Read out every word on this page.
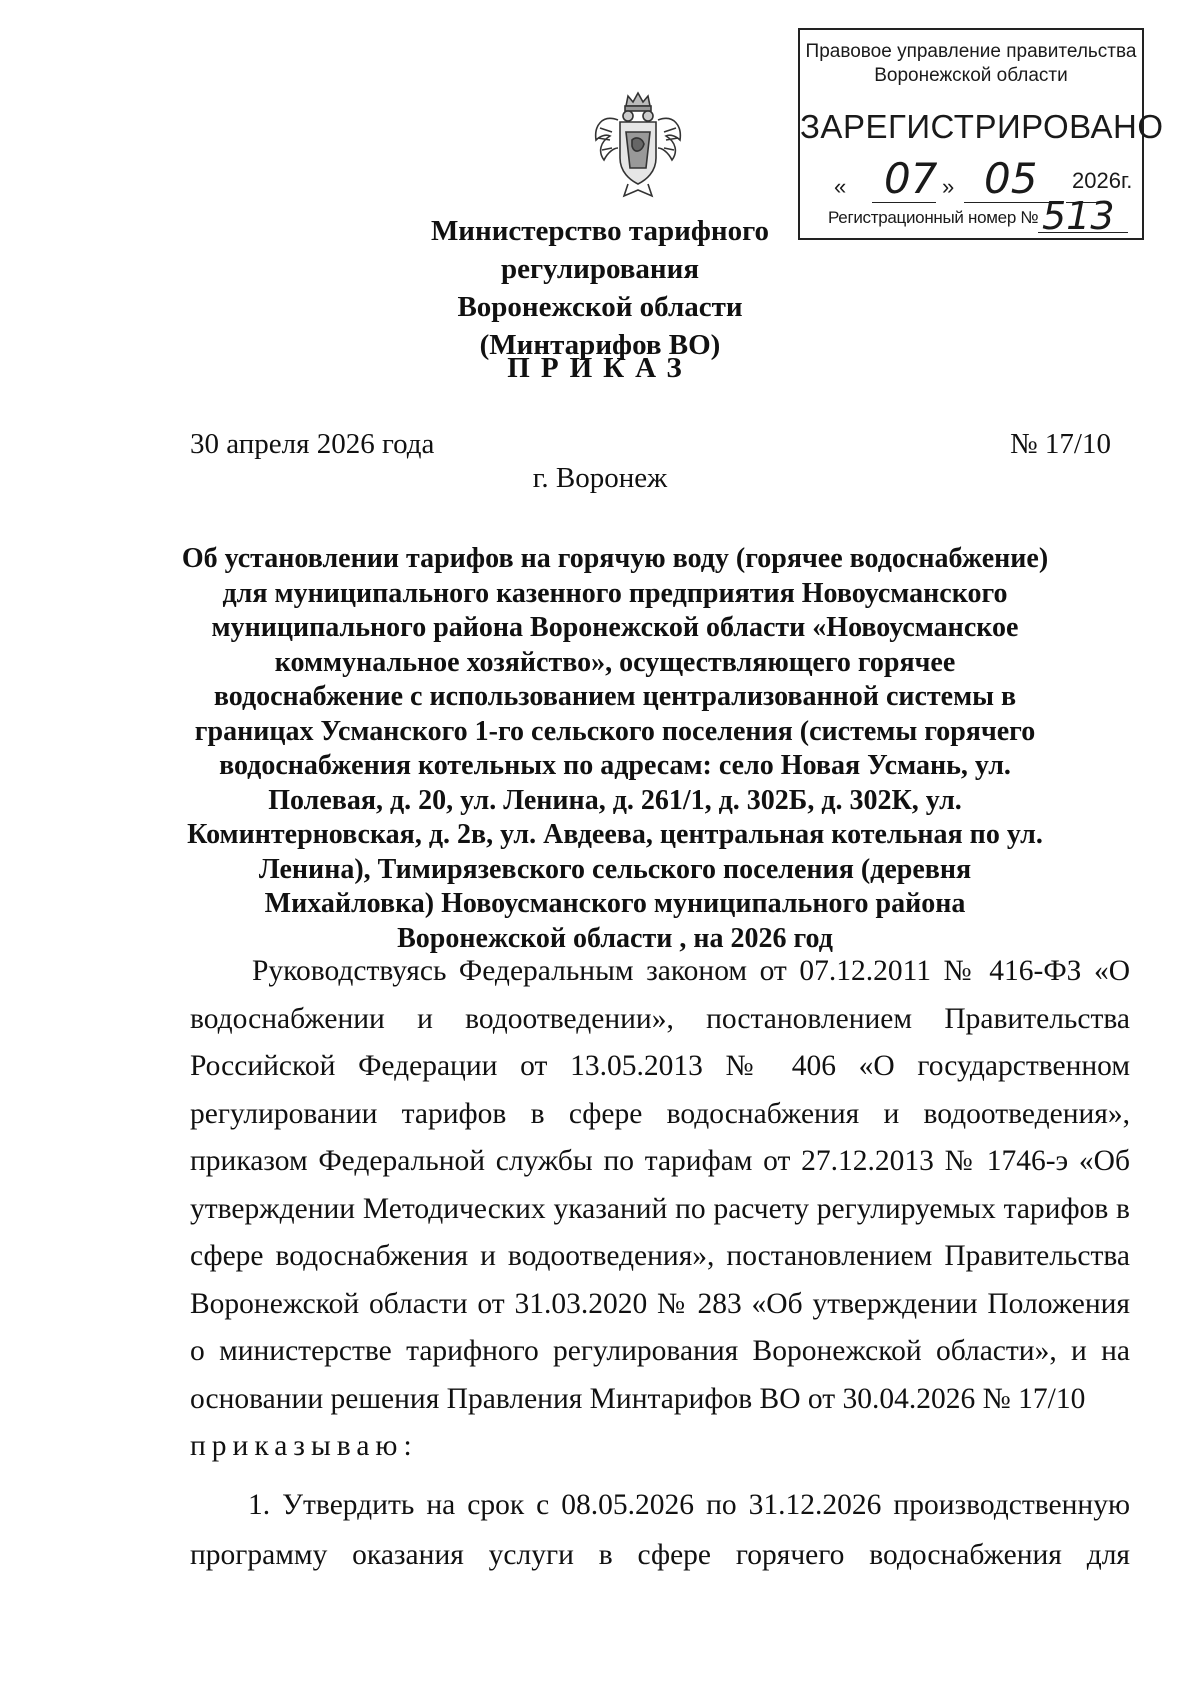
Правовое управление правительства Воронежской области
ЗАРЕГИСТРИРОВАНО
« 07 » 05 2026г.
Регистрационный номер № 513
Министерство тарифного регулирования Воронежской области (Минтарифов ВО)
ПРИКАЗ
30 апреля 2026 года	№ 17/10
г. Воронеж
Об установлении тарифов на горячую воду (горячее водоснабжение) для муниципального казенного предприятия Новоусманского муниципального района Воронежской области «Новоусманское коммунальное хозяйство», осуществляющего горячее водоснабжение с использованием централизованной системы в границах Усманского 1-го сельского поселения (системы горячего водоснабжения котельных по адресам: село Новая Усмань, ул. Полевая, д. 20, ул. Ленина, д. 261/1, д. 302Б, д. 302К, ул. Коминтерновская, д. 2в, ул. Авдеева, центральная котельная по ул. Ленина), Тимирязевского сельского поселения (деревня Михайловка) Новоусманского муниципального района Воронежской области , на 2026 год

Руководствуясь Федеральным законом от 07.12.2011 № 416-ФЗ «О водоснабжении и водоотведении», постановлением Правительства Российской Федерации от 13.05.2013 № 406 «О государственном регулировании тарифов в сфере водоснабжения и водоотведения», приказом Федеральной службы по тарифам от 27.12.2013 № 1746-э «Об утверждении Методических указаний по расчету регулируемых тарифов в сфере водоснабжения и водоотведения», постановлением Правительства Воронежской области от 31.03.2020 № 283 «Об утверждении Положения о министерстве тарифного регулирования Воронежской области», и на основании решения Правления Минтарифов ВО от 30.04.2026 № 17/10

приказываю:

1. Утвердить на срок с 08.05.2026 по 31.12.2026 производственную программу оказания услуги в сфере горячего водоснабжения для
